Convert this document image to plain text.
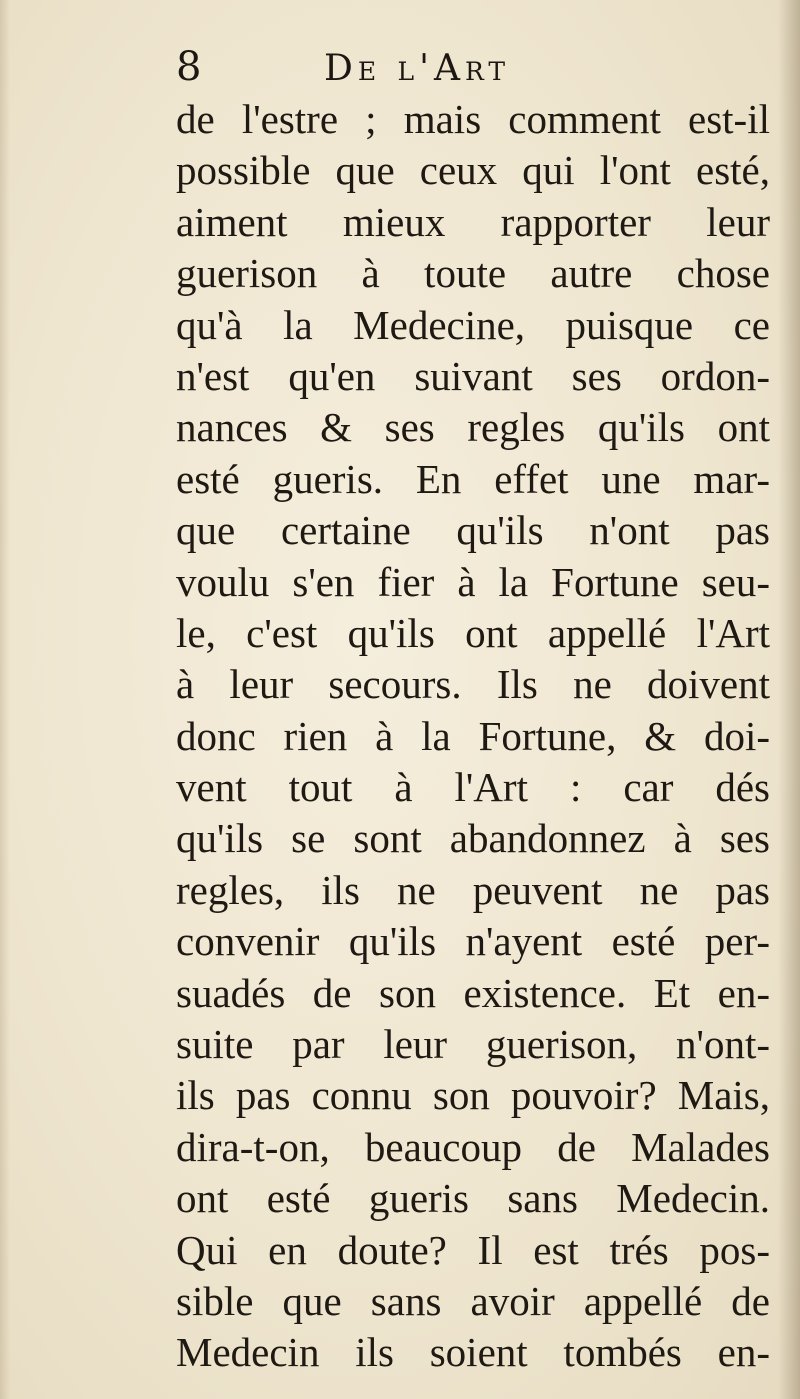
8	De l'Art
de l'estre ; mais comment est-il
possible que ceux qui l'ont esté,
aiment mieux rapporter leur
guerison à toute autre chose
qu'à la Medecine, puisque ce
n'est qu'en suivant ses ordon-
nances & ses regles qu'ils ont
esté gueris. En effet une mar-
que certaine qu'ils n'ont pas
voulu s'en fier à la Fortune seu-
le, c'est qu'ils ont appellé l'Art
à leur secours. Ils ne doivent
donc rien à la Fortune, & doi-
vent tout à l'Art : car dés
qu'ils se sont abandonnez à ses
regles, ils ne peuvent ne pas
convenir qu'ils n'ayent esté per-
suadés de son existence. Et en-
suite par leur guerison, n'ont-
ils pas connu son pouvoir? Mais,
dira-t-on, beaucoup de Malades
ont esté gueris sans Medecin.
Qui en doute? Il est trés pos-
sible que sans avoir appellé de
Medecin ils soient tombés en-
